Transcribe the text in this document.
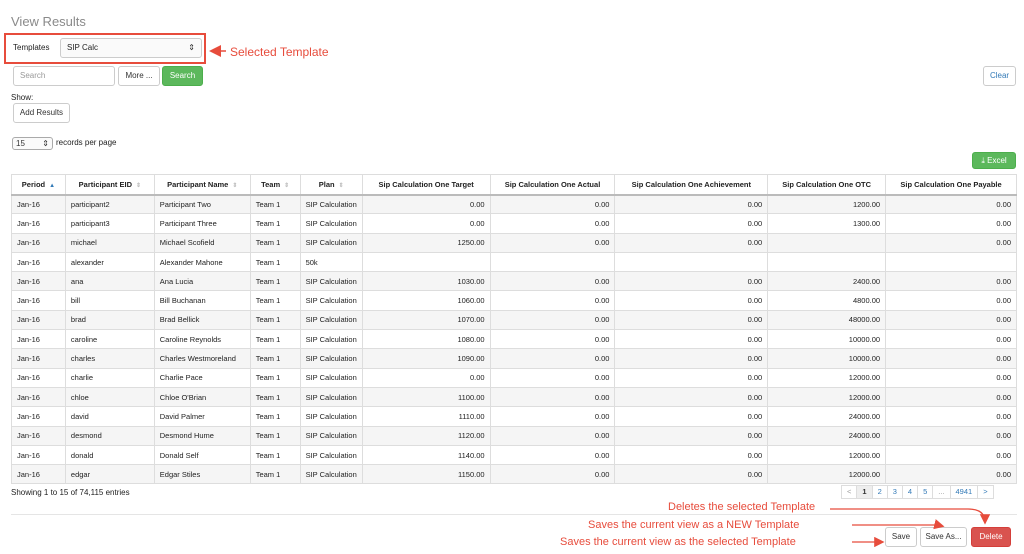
View Results
Templates	SIP Calc	⇕	Selected Template
Search	More ...	Search	Clear
Show:
Add Results
15 ⇕ records per page
⤓ Excel
Period ▲	Participant EID ⇕	Participant Name ⇕	Team ⇕	Plan ⇕	Sip Calculation One Target	Sip Calculation One Actual	Sip Calculation One Achievement	Sip Calculation One OTC	Sip Calculation One Payable
Jan-16	participant2	Participant Two	Team 1	SIP Calculation	0.00	0.00	0.00	1200.00	0.00
Jan-16	participant3	Participant Three	Team 1	SIP Calculation	0.00	0.00	0.00	1300.00	0.00
Jan-16	michael	Michael Scofield	Team 1	SIP Calculation	1250.00	0.00	0.00		0.00
Jan-16	alexander	Alexander Mahone	Team 1	50k					
Jan-16	ana	Ana Lucia	Team 1	SIP Calculation	1030.00	0.00	0.00	2400.00	0.00
Jan-16	bill	Bill Buchanan	Team 1	SIP Calculation	1060.00	0.00	0.00	4800.00	0.00
Jan-16	brad	Brad Bellick	Team 1	SIP Calculation	1070.00	0.00	0.00	48000.00	0.00
Jan-16	caroline	Caroline Reynolds	Team 1	SIP Calculation	1080.00	0.00	0.00	10000.00	0.00
Jan-16	charles	Charles Westmoreland	Team 1	SIP Calculation	1090.00	0.00	0.00	10000.00	0.00
Jan-16	charlie	Charlie Pace	Team 1	SIP Calculation	0.00	0.00	0.00	12000.00	0.00
Jan-16	chloe	Chloe O'Brian	Team 1	SIP Calculation	1100.00	0.00	0.00	12000.00	0.00
Jan-16	david	David Palmer	Team 1	SIP Calculation	1110.00	0.00	0.00	24000.00	0.00
Jan-16	desmond	Desmond Hume	Team 1	SIP Calculation	1120.00	0.00	0.00	24000.00	0.00
Jan-16	donald	Donald Self	Team 1	SIP Calculation	1140.00	0.00	0.00	12000.00	0.00
Jan-16	edgar	Edgar Stiles	Team 1	SIP Calculation	1150.00	0.00	0.00	12000.00	0.00
Showing 1 to 15 of 74,115 entries	<	1	2	3	4	5	...	4941	>
Deletes the selected Template
Saves the current view as a NEW Template
Saves the current view as the selected Template	Save	Save As...	Delete
